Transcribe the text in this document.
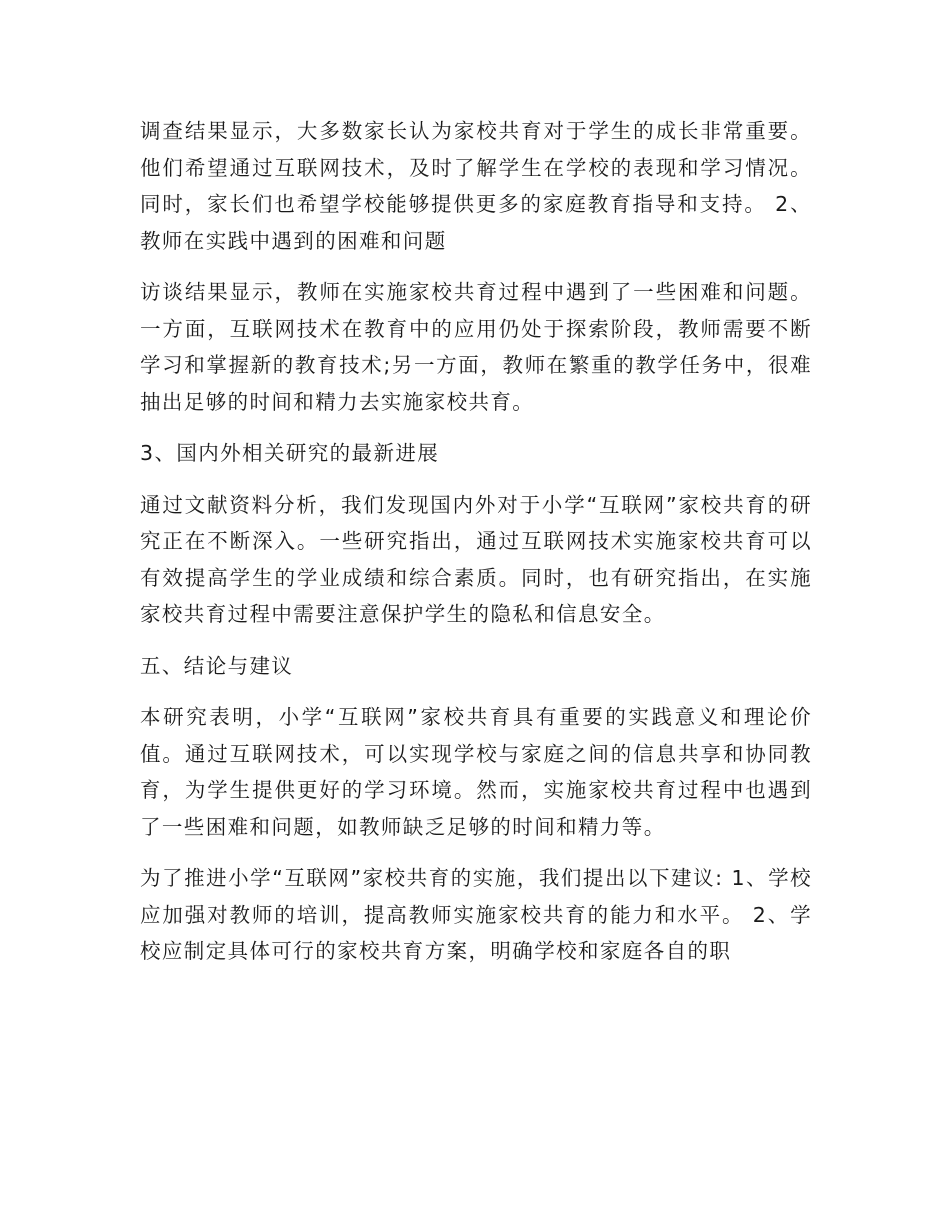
调查结果显示，大多数家长认为家校共育对于学生的成长非常重要。他们希望通过互联网技术，及时了解学生在学校的表现和学习情况。同时，家长们也希望学校能够提供更多的家庭教育指导和支持。 2、教师在实践中遇到的困难和问题

访谈结果显示，教师在实施家校共育过程中遇到了一些困难和问题。一方面，互联网技术在教育中的应用仍处于探索阶段，教师需要不断学习和掌握新的教育技术;另一方面，教师在繁重的教学任务中，很难抽出足够的时间和精力去实施家校共育。

3、国内外相关研究的最新进展

通过文献资料分析，我们发现国内外对于小学“互联网”家校共育的研究正在不断深入。一些研究指出，通过互联网技术实施家校共育可以有效提高学生的学业成绩和综合素质。同时，也有研究指出，在实施家校共育过程中需要注意保护学生的隐私和信息安全。

五、结论与建议

本研究表明，小学“互联网”家校共育具有重要的实践意义和理论价值。通过互联网技术，可以实现学校与家庭之间的信息共享和协同教育，为学生提供更好的学习环境。然而，实施家校共育过程中也遇到了一些困难和问题，如教师缺乏足够的时间和精力等。

为了推进小学“互联网”家校共育的实施，我们提出以下建议: 1、学校应加强对教师的培训，提高教师实施家校共育的能力和水平。 2、学校应制定具体可行的家校共育方案，明确学校和家庭各自的职
